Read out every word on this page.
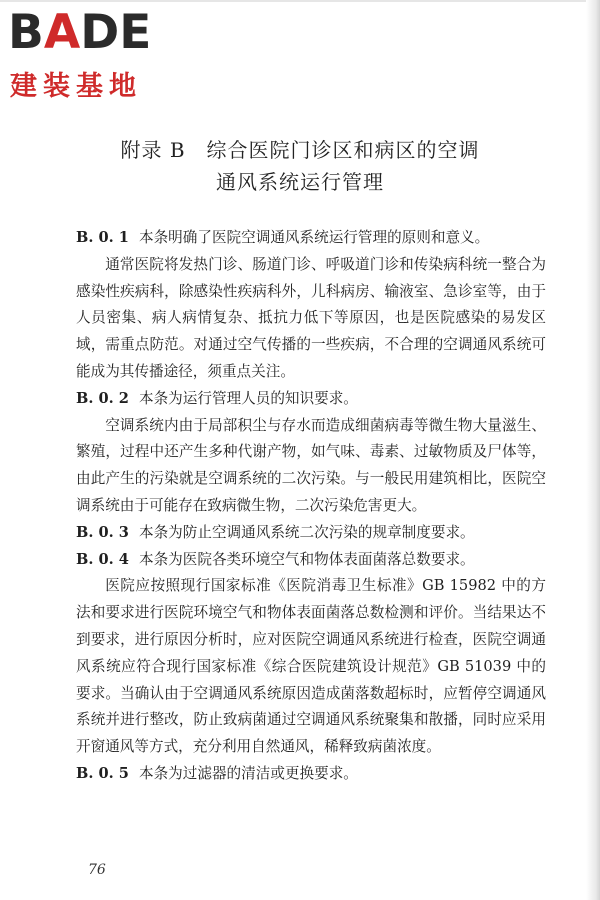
B A D E
建装基地
附录 B　综合医院门诊区和病区的空调
通风系统运行管理

B. 0. 1 本条明确了医院空调通风系统运行管理的原则和意义。

通常医院将发热门诊、肠道门诊、呼吸道门诊和传染病科统一整合为感染性疾病科，除感染性疾病科外，儿科病房、输液室、急诊室等，由于人员密集、病人病情复杂、抵抗力低下等原因，也是医院感染的易发区域，需重点防范。对通过空气传播的一些疾病，不合理的空调通风系统可能成为其传播途径，须重点关注。

B. 0. 2 本条为运行管理人员的知识要求。

空调系统内由于局部积尘与存水而造成细菌病毒等微生物大量滋生、繁殖，过程中还产生多种代谢产物，如气味、毒素、过敏物质及尸体等，由此产生的污染就是空调系统的二次污染。与一般民用建筑相比，医院空调系统由于可能存在致病微生物，二次污染危害更大。

B. 0. 3 本条为防止空调通风系统二次污染的规章制度要求。

B. 0. 4 本条为医院各类环境空气和物体表面菌落总数要求。

医院应按照现行国家标准《医院消毒卫生标准》GB 15982 中的方法和要求进行医院环境空气和物体表面菌落总数检测和评价。当结果达不到要求，进行原因分析时，应对医院空调通风系统进行检查，医院空调通风系统应符合现行国家标准《综合医院建筑设计规范》GB 51039 中的要求。当确认由于空调通风系统原因造成菌落数超标时，应暂停空调通风系统并进行整改，防止致病菌通过空调通风系统聚集和散播，同时应采用开窗通风等方式，充分利用自然通风，稀释致病菌浓度。

B. 0. 5 本条为过滤器的清洁或更换要求。

76
